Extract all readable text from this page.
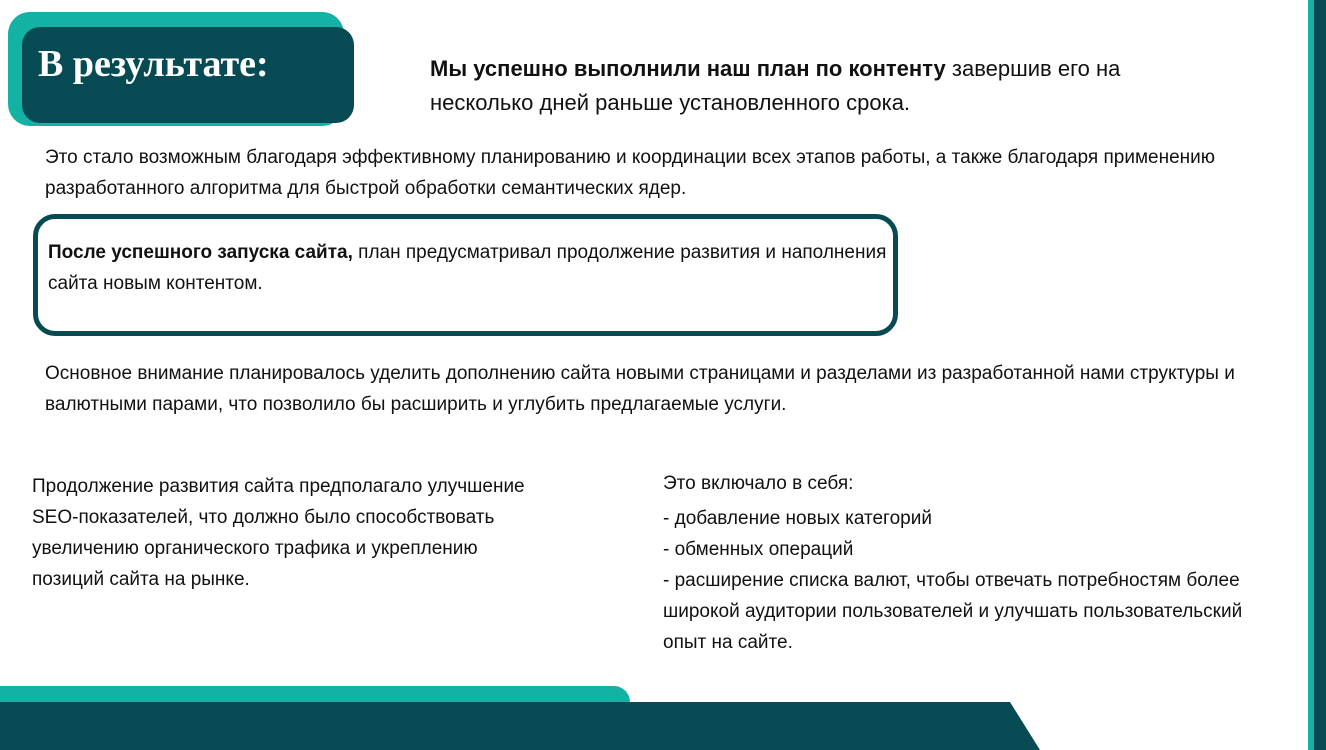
В результате:	Мы успешно выполнили наш план по контенту завершив его на несколько дней раньше установленного срока.
Это стало возможным благодаря эффективному планированию и координации всех этапов работы, а также благодаря применению разработанного алгоритма для быстрой обработки семантических ядер.
После успешного запуска сайта, план предусматривал продолжение развития и наполнения сайта новым контентом.
Основное внимание планировалось уделить дополнению сайта новыми страницами и разделами из разработанной нами структуры и валютными парами, что позволило бы расширить и углубить предлагаемые услуги.
Продолжение развития сайта предполагало улучшение SEO-показателей, что должно было способствовать увеличению органического трафика и укреплению позиций сайта на рынке.
Это включало в себя:
- добавление новых категорий
- обменных операций
- расширение списка валют, чтобы отвечать потребностям более широкой аудитории пользователей и улучшать пользовательский опыт на сайте.
